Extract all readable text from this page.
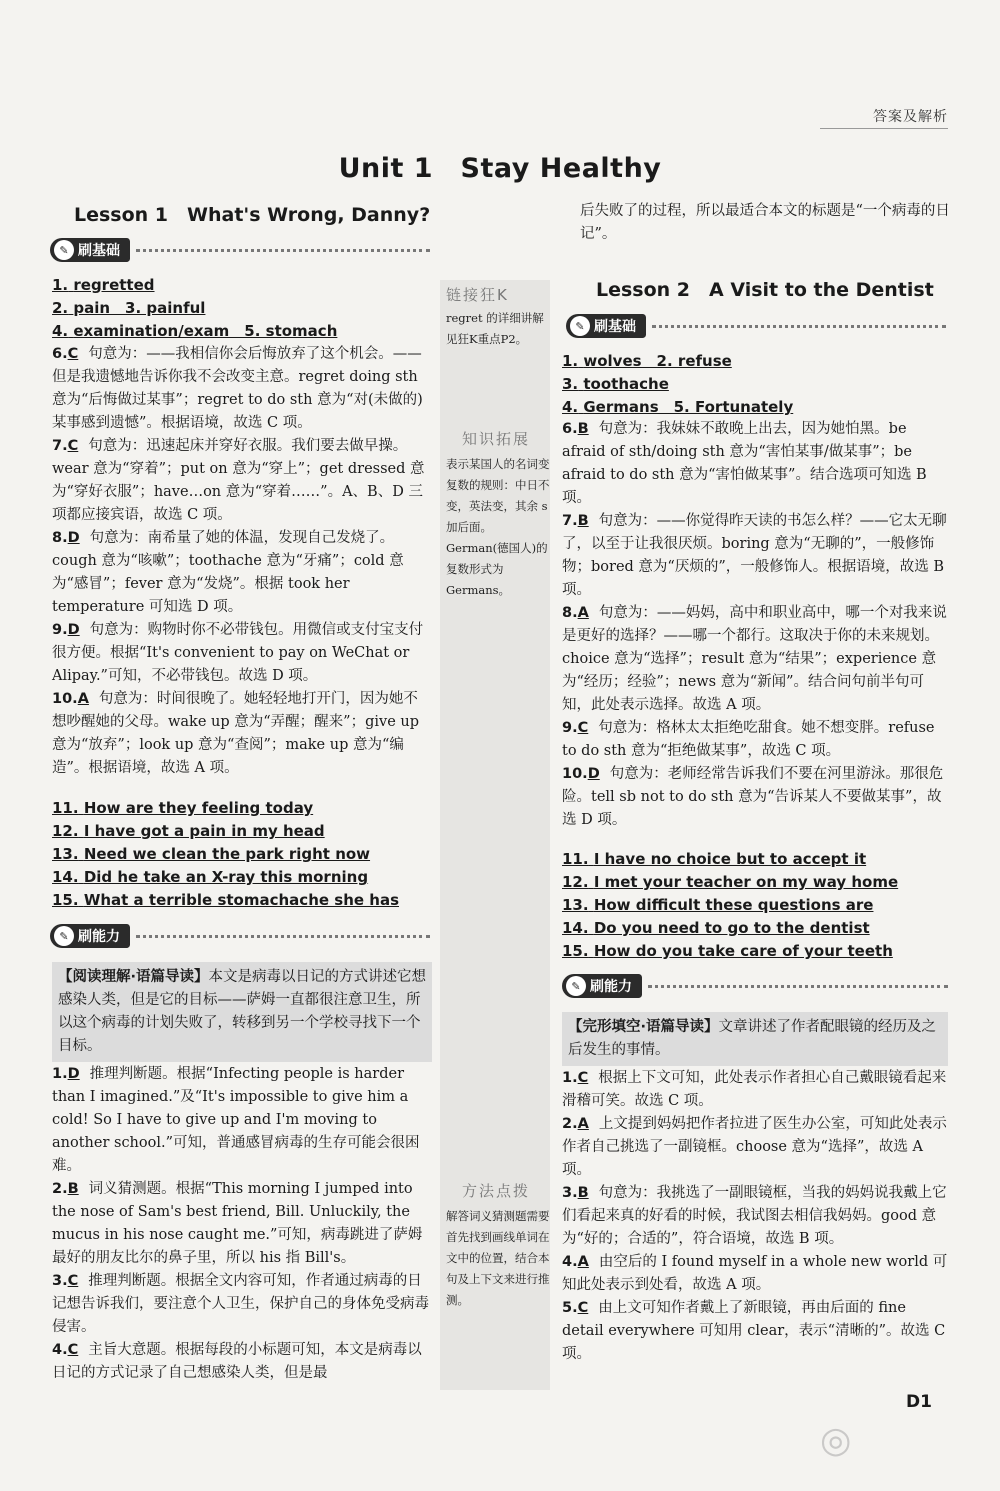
答案及解析
Unit 1　Stay Healthy
Lesson 1　What's Wrong, Danny?
✎ 刷基础
1. regretted
2. pain　3. painful
4. examination/exam　5. stomach

6.C 句意为：——我相信你会后悔放弃了这个机会。——但是我遗憾地告诉你我不会改变主意。regret doing sth 意为“后悔做过某事”；regret to do sth 意为“对(未做的)某事感到遗憾”。根据语境，故选 C 项。

7.C 句意为：迅速起床并穿好衣服。我们要去做早操。wear 意为“穿着”；put on 意为“穿上”；get dressed 意为“穿好衣服”；have…on 意为“穿着……”。A、B、D 三项都应接宾语，故选 C 项。

8.D 句意为：南希量了她的体温，发现自己发烧了。cough 意为“咳嗽”；toothache 意为“牙痛”；cold 意为“感冒”；fever 意为“发烧”。根据 took her temperature 可知选 D 项。

9.D 句意为：购物时你不必带钱包。用微信或支付宝支付很方便。根据“It's convenient to pay on WeChat or Alipay.”可知，不必带钱包。故选 D 项。

10.A 句意为：时间很晚了。她轻轻地打开门，因为她不想吵醒她的父母。wake up 意为“弄醒；醒来”；give up 意为“放弃”；look up 意为“查阅”；make up 意为“编造”。根据语境，故选 A 项。

11. How are they feeling today
12. I have got a pain in my head
13. Need we clean the park right now
14. Did he take an X-ray this morning
15. What a terrible stomachache she has
✎ 刷能力
【阅读理解·语篇导读】本文是病毒以日记的方式讲述它想感染人类，但是它的目标——萨姆一直都很注意卫生，所以这个病毒的计划失败了，转移到另一个学校寻找下一个目标。

1.D 推理判断题。根据“Infecting people is harder than I imagined.”及“It's impossible to give him a cold! So I have to give up and I'm moving to another school.”可知，普通感冒病毒的生存可能会很困难。

2.B 词义猜测题。根据“This morning I jumped into the nose of Sam's best friend, Bill. Unluckily, the mucus in his nose caught me.”可知，病毒跳进了萨姆最好的朋友比尔的鼻子里，所以 his 指 Bill's。

3.C 推理判断题。根据全文内容可知，作者通过病毒的日记想告诉我们，要注意个人卫生，保护自己的身体免受病毒侵害。

4.C 主旨大意题。根据每段的小标题可知，本文是病毒以日记的方式记录了自己想感染人类，但是最

链接狂K
regret 的详细讲解见狂K重点P2。
知识拓展
表示某国人的名词变复数的规则：中日不变，英法变，其余 s 加后面。German(德国人)的复数形式为 Germans。
方法点拨
解答词义猜测题需要首先找到画线单词在文中的位置，结合本句及上下文来进行推测。
后失败了的过程，所以最适合本文的标题是“一个病毒的日记”。
Lesson 2　A Visit to the Dentist
✎ 刷基础
1. wolves　2. refuse
3. toothache
4. Germans　5. Fortunately

6.B 句意为：我妹妹不敢晚上出去，因为她怕黑。be afraid of sth/doing sth 意为“害怕某事/做某事”；be afraid to do sth 意为“害怕做某事”。结合选项可知选 B 项。

7.B 句意为：——你觉得昨天读的书怎么样？——它太无聊了，以至于让我很厌烦。boring 意为“无聊的”，一般修饰物；bored 意为“厌烦的”，一般修饰人。根据语境，故选 B 项。

8.A 句意为：——妈妈，高中和职业高中，哪一个对我来说是更好的选择？——哪一个都行。这取决于你的未来规划。choice 意为“选择”；result 意为“结果”；experience 意为“经历；经验”；news 意为“新闻”。结合问句前半句可知，此处表示选择。故选 A 项。

9.C 句意为：格林太太拒绝吃甜食。她不想变胖。refuse to do sth 意为“拒绝做某事”，故选 C 项。

10.D 句意为：老师经常告诉我们不要在河里游泳。那很危险。tell sb not to do sth 意为“告诉某人不要做某事”，故选 D 项。

11. I have no choice but to accept it
12. I met your teacher on my way home
13. How difficult these questions are
14. Do you need to go to the dentist
15. How do you take care of your teeth
✎ 刷能力
【完形填空·语篇导读】文章讲述了作者配眼镜的经历及之后发生的事情。

1.C 根据上下文可知，此处表示作者担心自己戴眼镜看起来滑稽可笑。故选 C 项。

2.A 上文提到妈妈把作者拉进了医生办公室，可知此处表示作者自己挑选了一副镜框。choose 意为“选择”，故选 A 项。

3.B 句意为：我挑选了一副眼镜框，当我的妈妈说我戴上它们看起来真的好看的时候，我试图去相信我妈妈。good 意为“好的；合适的”，符合语境，故选 B 项。

4.A 由空后的 I found myself in a whole new world 可知此处表示到处看，故选 A 项。

5.C 由上文可知作者戴上了新眼镜，再由后面的 fine detail everywhere 可知用 clear，表示“清晰的”。故选 C 项。

D1
◎
